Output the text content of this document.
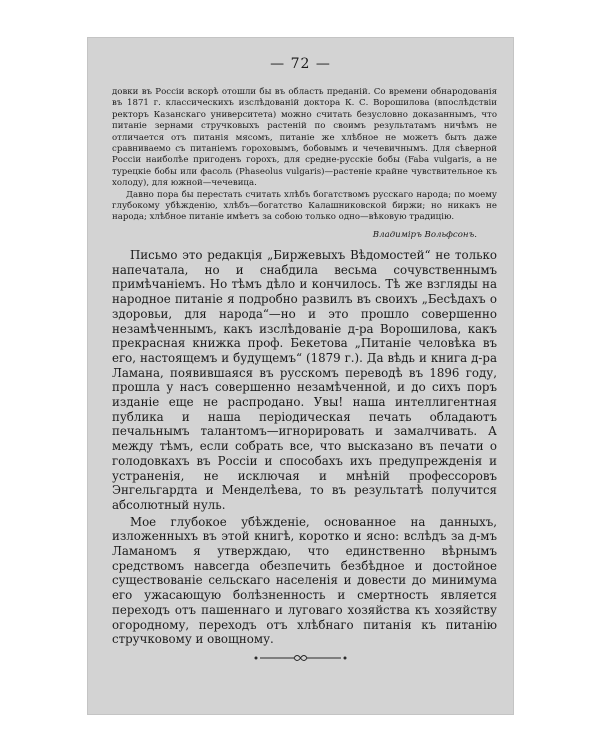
— 72 —

довки въ Россіи вскорѣ отошли бы въ область преданій. Со времени обнародованія въ 1871 г. классическихъ изслѣдованій доктора К. С. Ворошилова (впослѣдствіи ректоръ Казанскаго университета) можно считать безусловно доказаннымъ, что питаніе зернами стручковыхъ растеній по своимъ результатамъ ничѣмъ не отличается отъ питанія мясомъ, питаніе же хлѣбное не можетъ быть даже сравниваемо съ питаніемъ гороховымъ, бобовымъ и чечевичнымъ. Для сѣверной Россіи наиболѣе пригоденъ горохъ, для средне-русскіе бобы (Faba vulgaris, а не турецкіе бобы или фасоль (Phaseolus vulgaris)—растеніе крайне чувствительное къ холоду), для южной—чечевица.

Давно пора бы перестать считать хлѣбъ богатствомъ русскаго народа; по моему глубокому убѣжденію, хлѣбъ—богатство Калашниковской биржи; но никакъ не народа; хлѣбное питаніе имѣетъ за собою только одно—вѣковую традицію.

Владиміръ Вольфсонъ.

Письмо это редакція „Биржевыхъ Вѣдомостей“ не только напечатала, но и снабдила весьма сочувственнымъ примѣчаніемъ. Но тѣмъ дѣло и кончилось. Тѣ же взгляды на народное питаніе я подробно развилъ въ своихъ „Бесѣдахъ о здоровьи, для народа“—но и это прошло совершенно незамѣченнымъ, какъ изслѣдованіе д-ра Ворошилова, какъ прекрасная книжка проф. Бекетова „Питаніе человѣка въ его, настоящемъ и будущемъ“ (1879 г.). Да вѣдь и книга д-ра Ламана, появившаяся въ русскомъ переводѣ въ 1896 году, прошла у насъ совершенно незамѣченной, и до сихъ поръ изданіе еще не распродано. Увы! наша интеллигентная публика и наша періодическая печать обладаютъ печальнымъ талантомъ—игнорировать и замалчивать. А между тѣмъ, если собрать все, что высказано въ печати о голодовкахъ въ Россіи и способахъ ихъ предупрежденія и устраненія, не исключая и мнѣній профессоровъ Энгельгардта и Менделѣева, то въ результатѣ получится абсолютный нуль.

Мое глубокое убѣжденіе, основанное на данныхъ, изложенныхъ въ этой книгѣ, коротко и ясно: вслѣдъ за д-мъ Ламаномъ я утверждаю, что единственно вѣрнымъ средствомъ навсегда обезпечить безбѣдное и достойное существованіе сельскаго населенія и довести до минимума его ужасающую болѣзненность и смертность является переходъ отъ пашеннаго и луговаго хозяйства къ хозяйству огородному, переходъ отъ хлѣбнаго питанія къ питанію стручковому и овощному.
